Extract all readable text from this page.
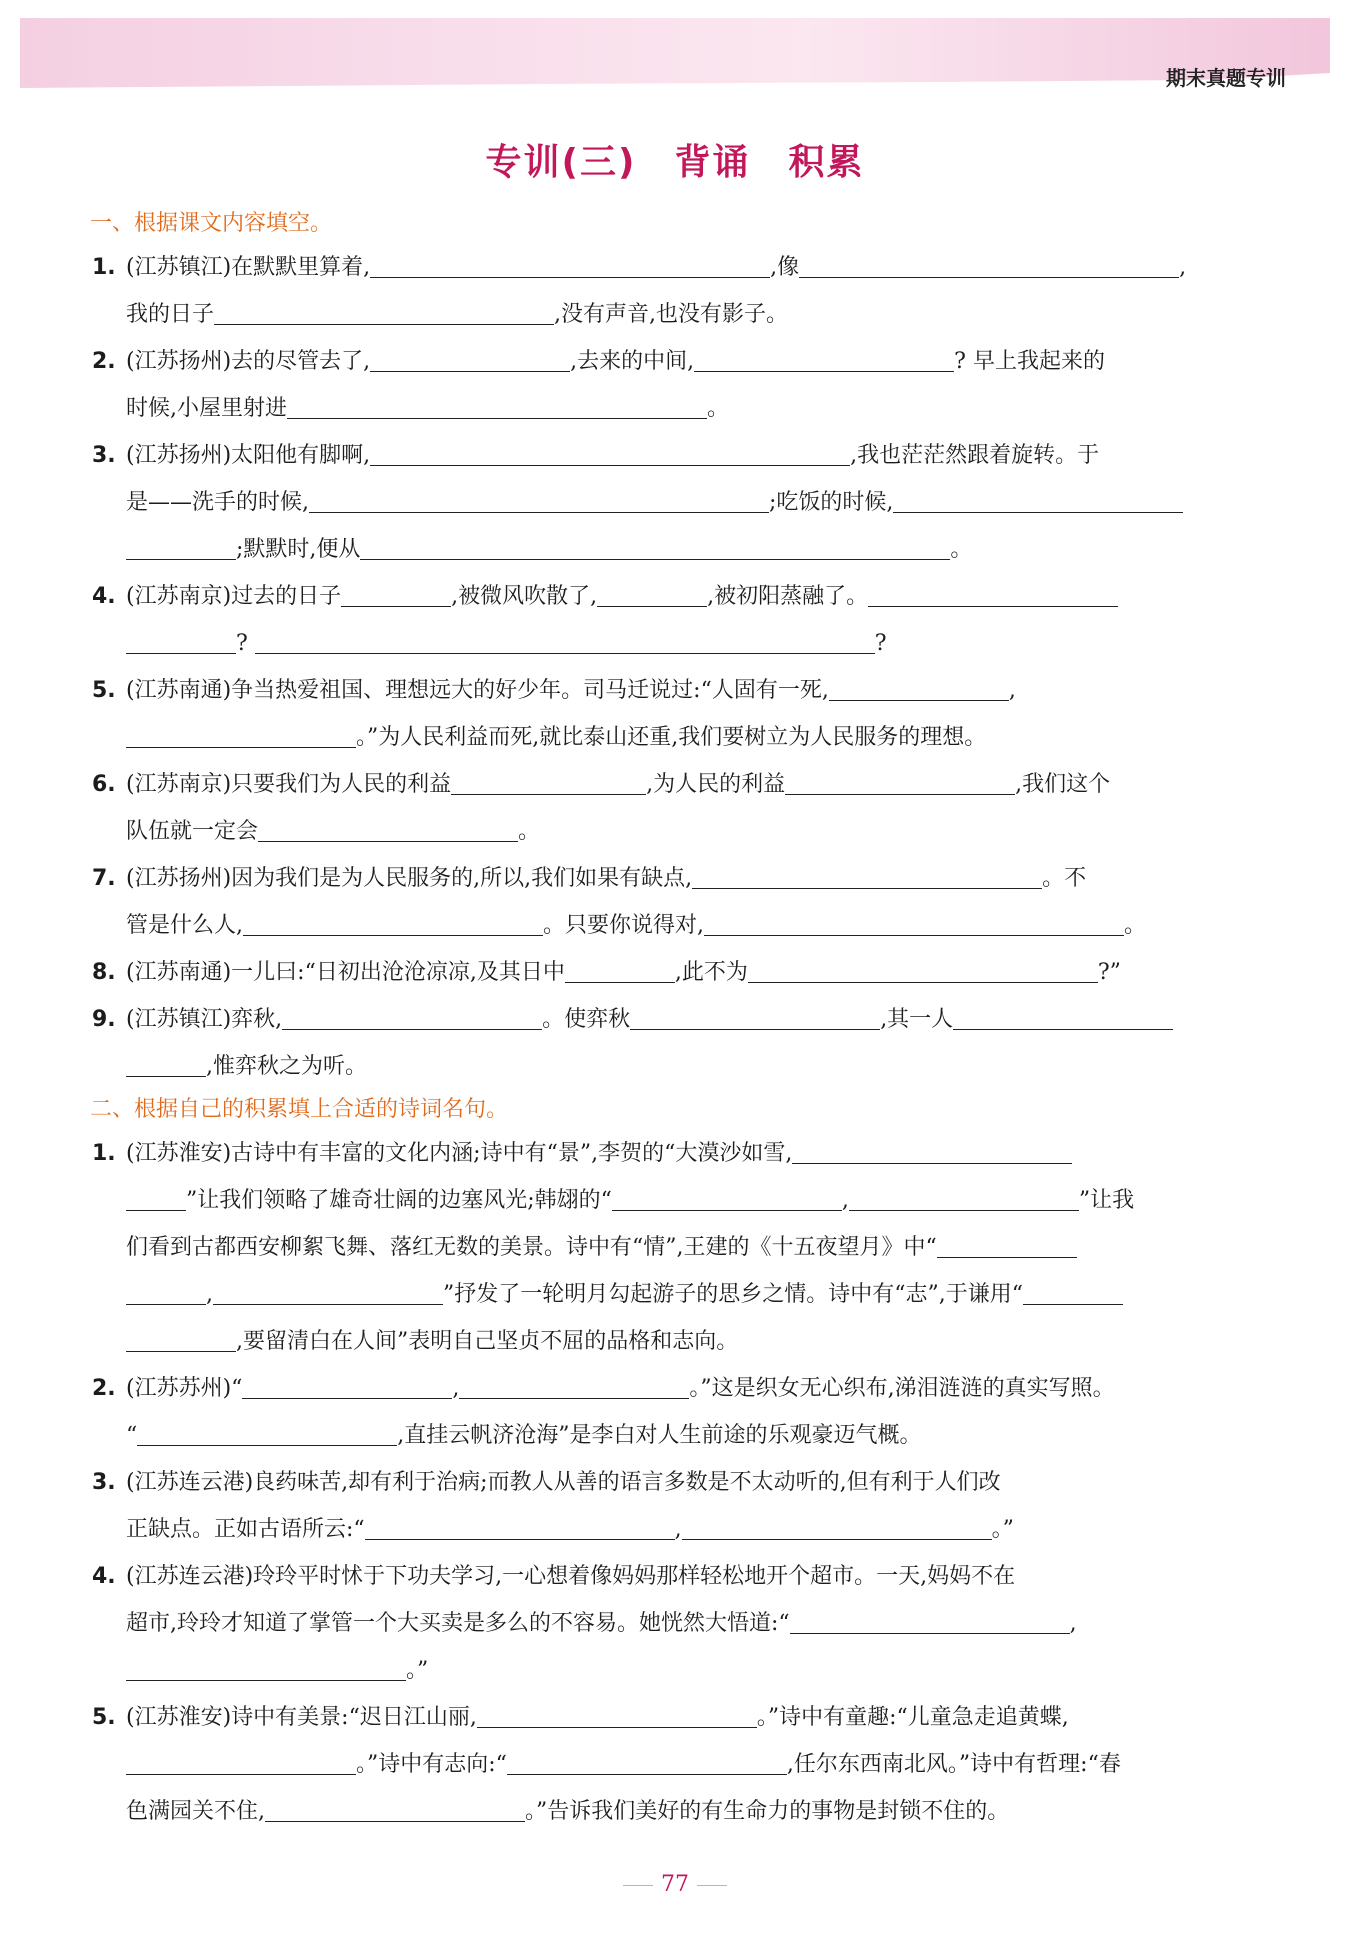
期末真题专训
专训(三)　背诵　积累
一、根据课文内容填空。
1. (江苏镇江)在默默里算着,	,像	,
我的日子	,没有声音,也没有影子。
2. (江苏扬州)去的尽管去了,	,去来的中间,	? 早上我起来的
时候,小屋里射进	。
3. (江苏扬州)太阳他有脚啊,	,我也茫茫然跟着旋转。于
是——洗手的时候,	;吃饭的时候,
;默默时,便从	。
4. (江苏南京)过去的日子	,被微风吹散了,	,被初阳蒸融了。
?	?
5. (江苏南通)争当热爱祖国、理想远大的好少年。司马迁说过:“人固有一死,	,
。”为人民利益而死,就比泰山还重,我们要树立为人民服务的理想。
6. (江苏南京)只要我们为人民的利益	,为人民的利益	,我们这个
队伍就一定会	。
7. (江苏扬州)因为我们是为人民服务的,所以,我们如果有缺点,	。不
管是什么人,	。只要你说得对,	。
8. (江苏南通)一儿曰:“日初出沧沧凉凉,及其日中	,此不为	?”
9. (江苏镇江)弈秋,	。使弈秋	,其一人
,惟弈秋之为听。
二、根据自己的积累填上合适的诗词名句。
1. (江苏淮安)古诗中有丰富的文化内涵;诗中有“景”,李贺的“大漠沙如雪,
”让我们领略了雄奇壮阔的边塞风光;韩翃的“	,	”让我
们看到古都西安柳絮飞舞、落红无数的美景。诗中有“情”,王建的《十五夜望月》中“
,	”抒发了一轮明月勾起游子的思乡之情。诗中有“志”,于谦用“
,要留清白在人间”表明自己坚贞不屈的品格和志向。
2. (江苏苏州)“	,	。”这是织女无心织布,涕泪涟涟的真实写照。
“	,直挂云帆济沧海”是李白对人生前途的乐观豪迈气概。
3. (江苏连云港)良药味苦,却有利于治病;而教人从善的语言多数是不太动听的,但有利于人们改
正缺点。正如古语所云:“	,	。”
4. (江苏连云港)玲玲平时怵于下功夫学习,一心想着像妈妈那样轻松地开个超市。一天,妈妈不在
超市,玲玲才知道了掌管一个大买卖是多么的不容易。她恍然大悟道:“	,
。”
5. (江苏淮安)诗中有美景:“迟日江山丽,	。”诗中有童趣:“儿童急走追黄蝶,
。”诗中有志向:“	,任尔东西南北风。”诗中有哲理:“春
色满园关不住,	。”告诉我们美好的有生命力的事物是封锁不住的。
77
